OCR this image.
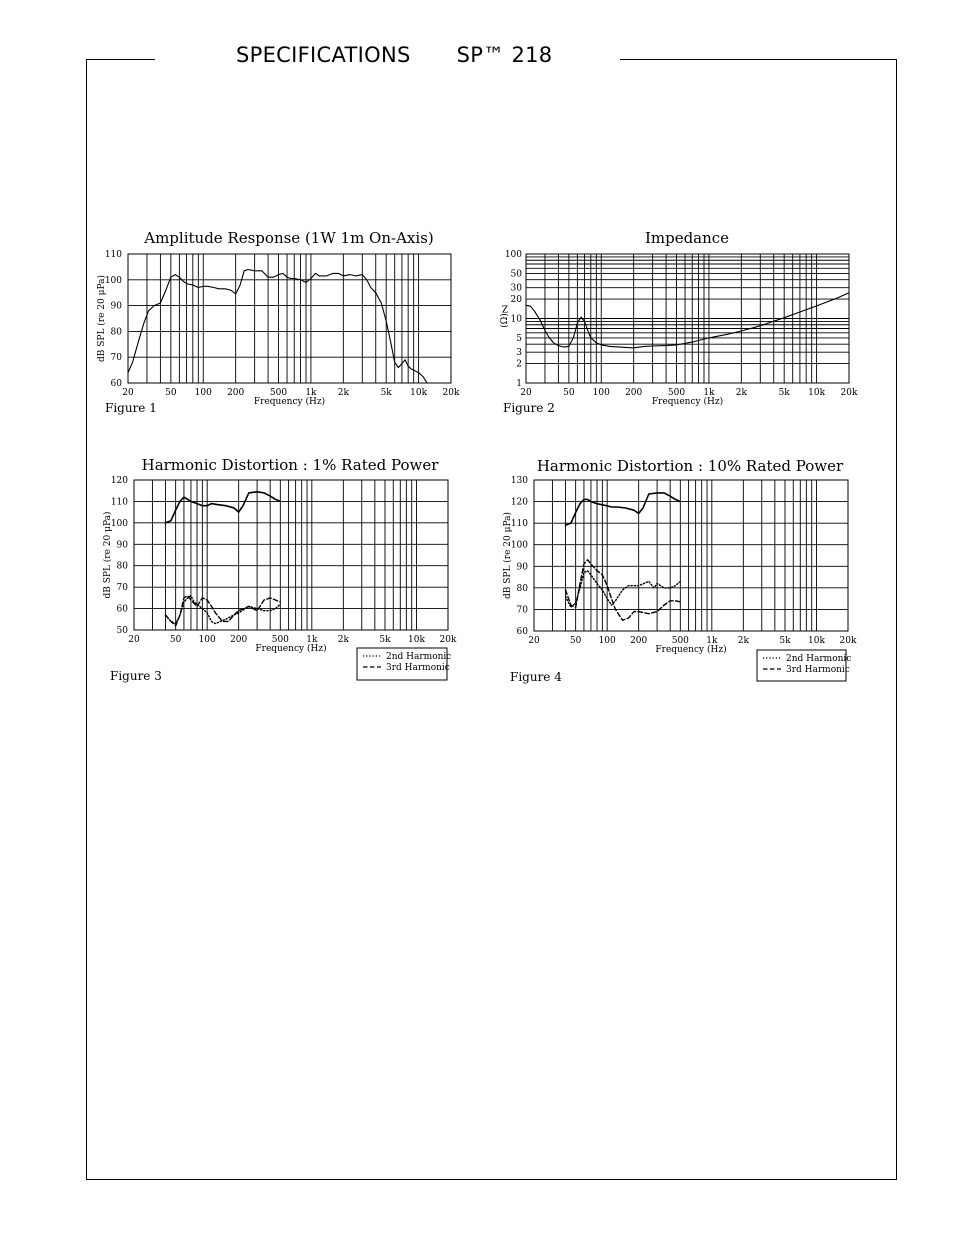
SPECIFICATIONS SP™ 218
Amplitude Response (1W 1m On-Axis)
20	50 100 200	500 1k 2k	5k 10k 20k
60
70
80
90
100
110
Frequency (Hz)
dB SPL (re 20 μPa)
Figure 1
Impedance
20	50 100 200	500 1k 2k	5k 10k 20k
1
2
3
5
10
20
30
50
100
Frequency (Hz)
Z
(Ω)
Figure 2
Harmonic Distortion : 1% Rated Power
20	50 100 200	500 1k 2k	5k 10k 20k
50
60
70
80
90
100
110
120
Frequency (Hz)
dB SPL (re 20 μPa)
Figure 3
2nd Harmonic
3rd Harmonic
Harmonic Distortion : 10% Rated Power
20	50 100 200	500 1k 2k	5k 10k 20k
60
70
80
90
100
110
120
130
Frequency (Hz)
dB SPL (re 20 μPa)
Figure 4
2nd Harmonic
3rd Harmonic
